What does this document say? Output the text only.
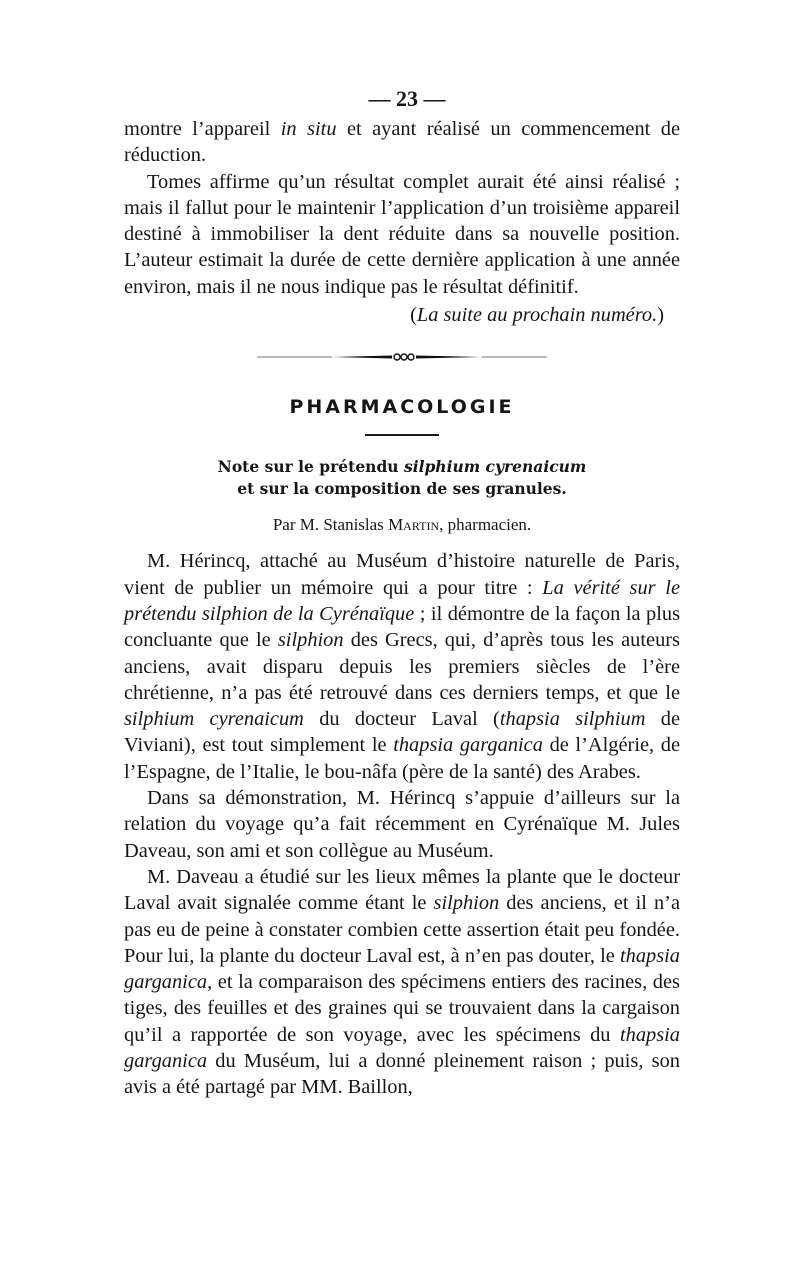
— 23 —

montre l’appareil in situ et ayant réalisé un commencement de réduction.

Tomes affirme qu’un résultat complet aurait été ainsi réalisé ; mais il fallut pour le maintenir l’application d’un troisième appareil destiné à immobiliser la dent réduite dans sa nouvelle position. L’auteur estimait la durée de cette dernière application à une année environ, mais il ne nous indique pas le résultat définitif.

(La suite au prochain numéro.)
PHARMACOLOGIE
Note sur le prétendu silphium cyrenaicum
et sur la composition de ses granules.
Par M. Stanislas Martin, pharmacien.

M. Hérincq, attaché au Muséum d’histoire naturelle de Paris, vient de publier un mémoire qui a pour titre : La vérité sur le prétendu silphion de la Cyrénaïque ; il démontre de la façon la plus concluante que le silphion des Grecs, qui, d’après tous les auteurs anciens, avait disparu depuis les premiers siècles de l’ère chrétienne, n’a pas été retrouvé dans ces derniers temps, et que le silphium cyrenaicum du docteur Laval (thapsia silphium de Viviani), est tout simplement le thapsia garganica de l’Algérie, de l’Espagne, de l’Italie, le bou-nâfa (père de la santé) des Arabes.

Dans sa démonstration, M. Hérincq s’appuie d’ailleurs sur la relation du voyage qu’a fait récemment en Cyrénaïque M. Jules Daveau, son ami et son collègue au Muséum.

M. Daveau a étudié sur les lieux mêmes la plante que le docteur Laval avait signalée comme étant le silphion des anciens, et il n’a pas eu de peine à constater combien cette assertion était peu fondée. Pour lui, la plante du docteur Laval est, à n’en pas douter, le thapsia garganica, et la comparaison des spécimens entiers des racines, des tiges, des feuilles et des graines qui se trouvaient dans la cargaison qu’il a rapportée de son voyage, avec les spécimens du thapsia garganica du Muséum, lui a donné pleinement raison ; puis, son avis a été partagé par MM. Baillon,
